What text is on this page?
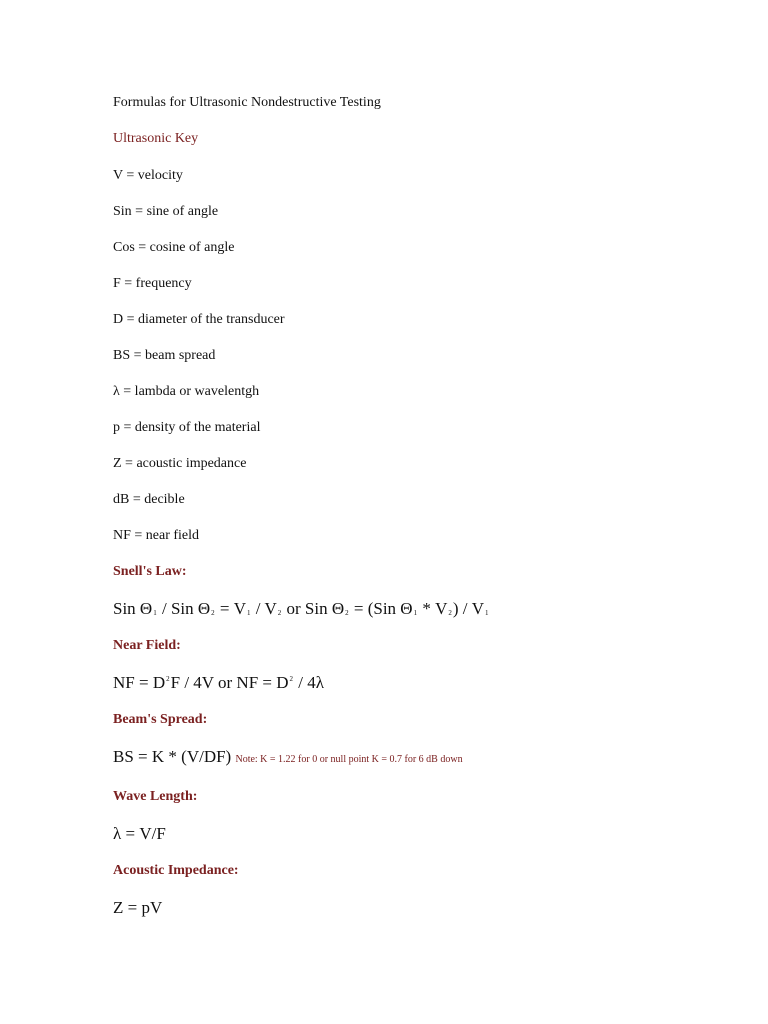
Formulas for Ultrasonic Nondestructive Testing
Ultrasonic Key
V = velocity
Sin = sine of angle
Cos = cosine of angle
F = frequency
D = diameter of the transducer
BS = beam spread
λ = lambda or wavelentgh
p = density of the material
Z = acoustic impedance
dB = decible
NF = near field
Snell's Law:
Sin $\Theta_1$ / Sin $\Theta_2 = V_1 / V_2$ or Sin $\Theta_2 = (Sin$ $\Theta_1 * V_2) / V_1$
Near Field:
NF = $D^2F / 4V$ or NF = $D^2 / 4\lambda$
Beam's Spread:
BS = K * (V/DF) Note: K = 1.22 for 0 or null point K = 0.7 for 6 dB down
Wave Length:
λ = V/F
Acoustic Impedance:
Z = pV
